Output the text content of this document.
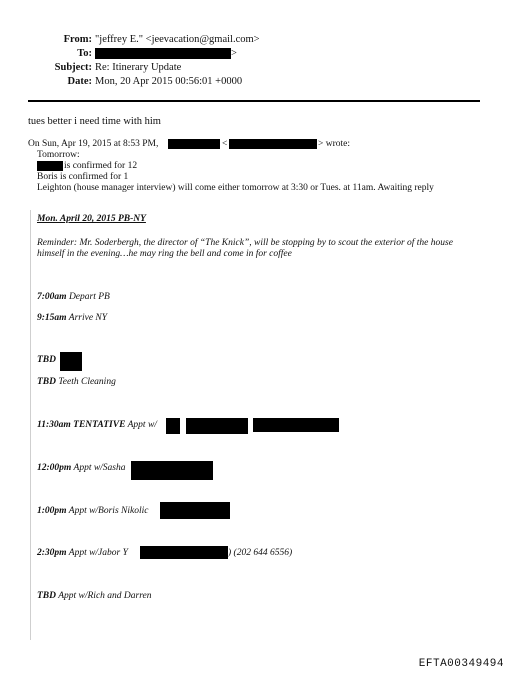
From: "jeffrey E." <jeevacation@gmail.com>
To:	>
Subject: Re: Itinerary Update
Date: Mon, 20 Apr 2015 00:56:01 +0000
tues better i need time with him
On Sun, Apr 19, 2015 at 8:53 PM,	<	> wrote:
Tomorrow:
is confirmed for 12
Boris is confirmed for 1
Leighton (house manager interview) will come either tomorrow at 3:30 or Tues. at 11am. Awaiting reply
Mon. April 20, 2015 PB-NY
Reminder: Mr. Soderbergh, the director of “The Knick”, will be stopping by to scout the exterior of the house
himself in the evening…he may ring the bell and come in for coffee
7:00am Depart PB
9:15am Arrive NY
TBD
TBD Teeth Cleaning
11:30am TENTATIVE Appt w/
12:00pm Appt w/Sasha
1:00pm Appt w/Boris Nikolic
2:30pm Appt w/Jabor Y	) (202 644 6556)
TBD Appt w/Rich and Darren
EFTA00349494
